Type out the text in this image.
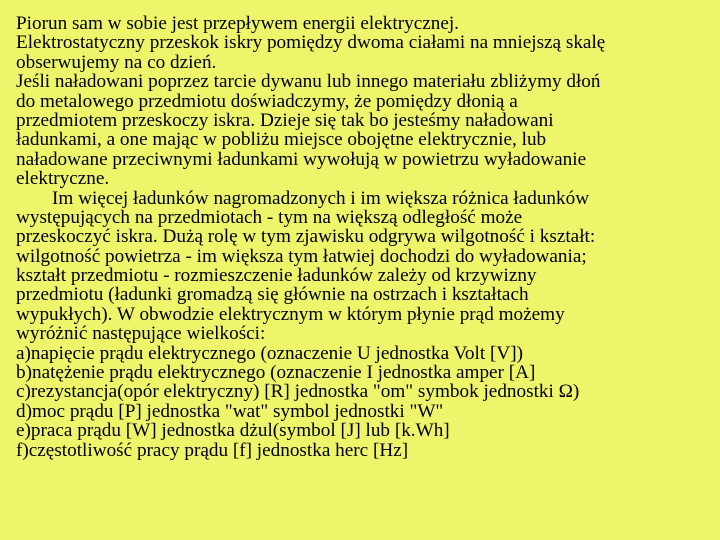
Piorun sam w sobie jest przepływem energii elektrycznej.
Elektrostatyczny przeskok iskry pomiędzy dwoma ciałami na mniejszą skalę
obserwujemy na co dzień.
Jeśli naładowani poprzez tarcie dywanu lub innego materiału zbliżymy dłoń
do metalowego przedmiotu doświadczymy, że pomiędzy dłonią a
przedmiotem przeskoczy iskra. Dzieje się tak bo jesteśmy naładowani
ładunkami, a one mając w pobliżu miejsce obojętne elektrycznie, lub
naładowane przeciwnymi ładunkami wywołują w powietrzu wyładowanie
elektryczne.
Im więcej ładunków nagromadzonych i im większa różnica ładunków
występujących na przedmiotach - tym na większą odległość może
przeskoczyć iskra. Dużą rolę w tym zjawisku odgrywa wilgotność i kształt:
wilgotność powietrza - im większa tym łatwiej dochodzi do wyładowania;
kształt przedmiotu - rozmieszczenie ładunków zależy od krzywizny
przedmiotu (ładunki gromadzą się głównie na ostrzach i kształtach
wypukłych). W obwodzie elektrycznym w którym płynie prąd możemy
wyróżnić następujące wielkości:
a)napięcie prądu elektrycznego (oznaczenie U jednostka Volt [V])
b)natężenie prądu elektrycznego (oznaczenie I jednostka amper [A]
c)rezystancja(opór elektryczny) [R] jednostka "om" symbok jednostki Ω)
d)moc prądu [P] jednostka "wat" symbol jednostki "W"
e)praca prądu [W] jednostka dżul(symbol [J] lub [k.Wh]
f)częstotliwość pracy prądu [f] jednostka herc [Hz]
